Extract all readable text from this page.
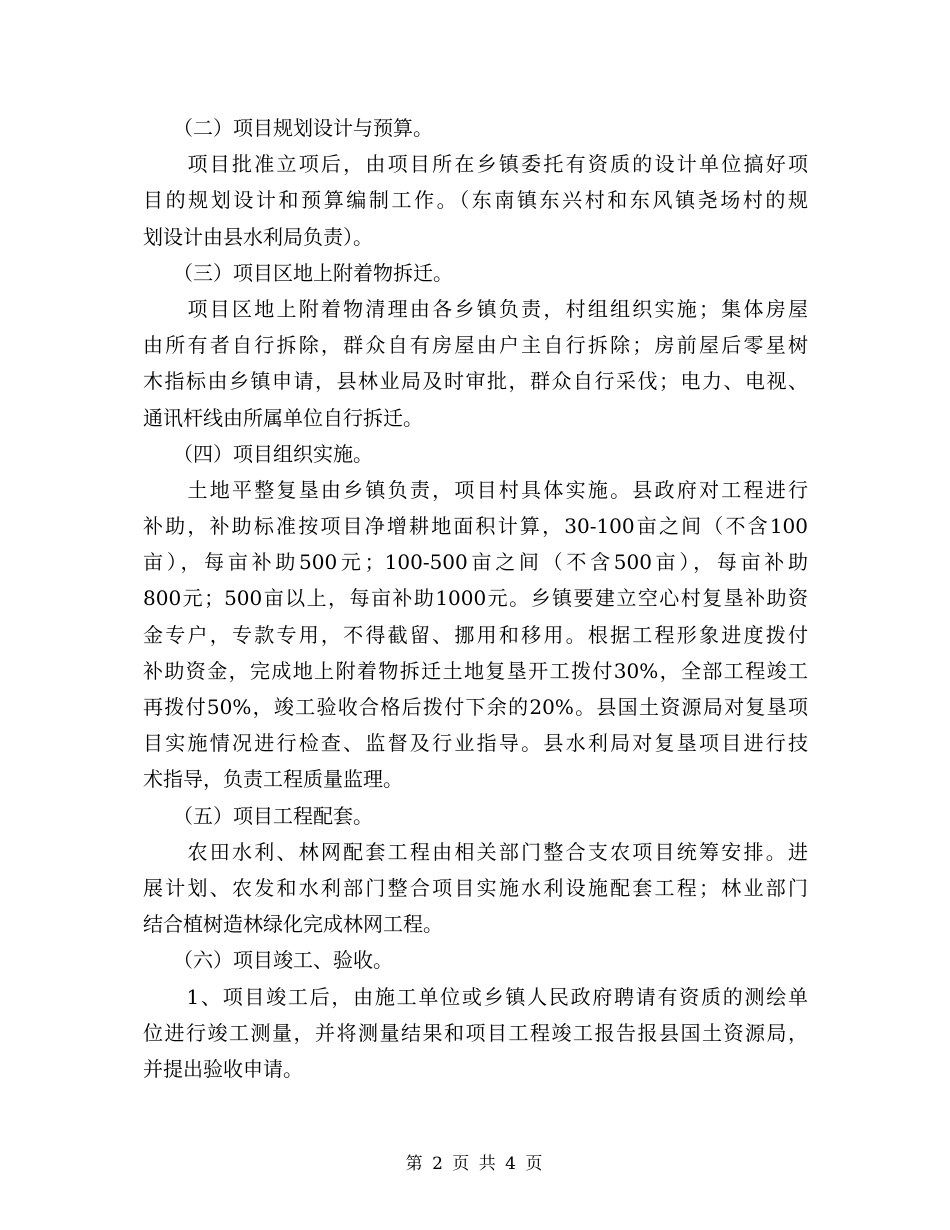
　　（二）项目规划设计与预算。
　　项目批准立项后，由项目所在乡镇委托有资质的设计单位搞好项
目的规划设计和预算编制工作。（东南镇东兴村和东风镇尧场村的规
划设计由县水利局负责）。
　　（三）项目区地上附着物拆迁。
　　项目区地上附着物清理由各乡镇负责，村组组织实施；集体房屋
由所有者自行拆除，群众自有房屋由户主自行拆除；房前屋后零星树
木指标由乡镇申请，县林业局及时审批，群众自行采伐；电力、电视、
通讯杆线由所属单位自行拆迁。
　　（四）项目组织实施。
　　土地平整复垦由乡镇负责，项目村具体实施。县政府对工程进行
补助，补助标准按项目净增耕地面积计算，30-100亩之间（不含100
亩），每亩补助500元；100-500亩之间（不含500亩），每亩补助
800元；500亩以上，每亩补助1000元。乡镇要建立空心村复垦补助资
金专户，专款专用，不得截留、挪用和移用。根据工程形象进度拨付
补助资金，完成地上附着物拆迁土地复垦开工拨付30%，全部工程竣工
再拨付50%，竣工验收合格后拨付下余的20%。县国土资源局对复垦项
目实施情况进行检查、监督及行业指导。县水利局对复垦项目进行技
术指导，负责工程质量监理。
　　（五）项目工程配套。
　　农田水利、林网配套工程由相关部门整合支农项目统筹安排。进
展计划、农发和水利部门整合项目实施水利设施配套工程；林业部门
结合植树造林绿化完成林网工程。
　　（六）项目竣工、验收。
　　1、项目竣工后，由施工单位或乡镇人民政府聘请有资质的测绘单
位进行竣工测量，并将测量结果和项目工程竣工报告报县国土资源局，
并提出验收申请。
第 2 页 共 4 页
